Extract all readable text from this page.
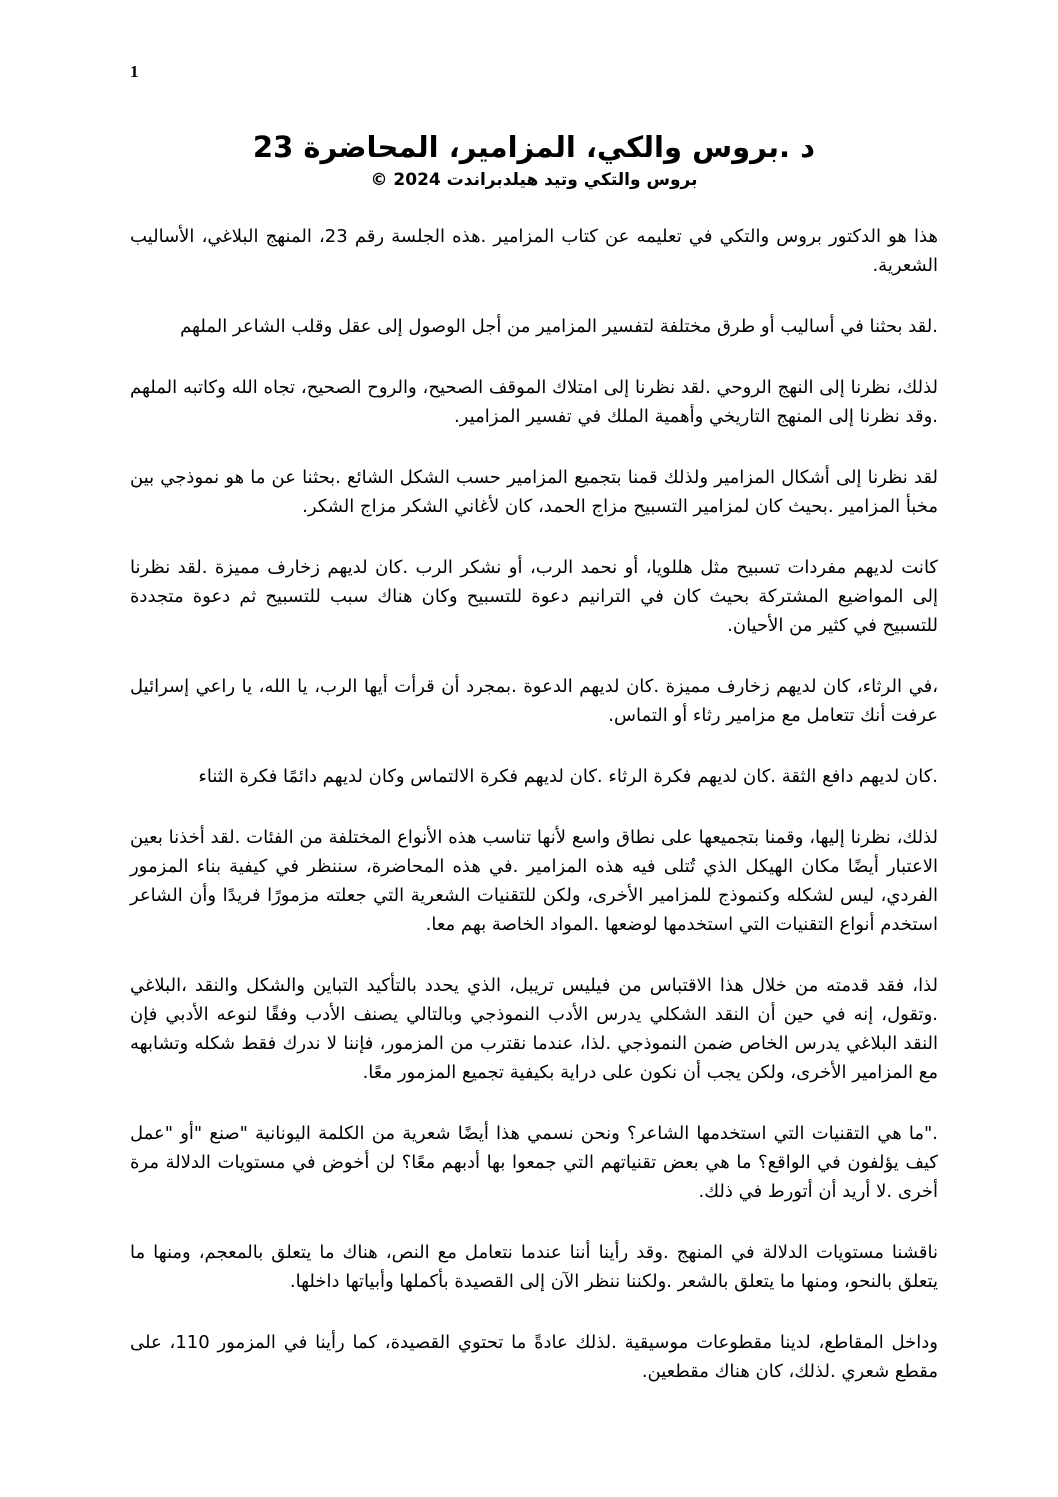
1
د .بروس والكي، المزامير، المحاضرة 23
بروس والتكي وتيد هيلدبراندت 2024 ©

هذا هو الدكتور بروس والتكي في تعليمه عن كتاب المزامير .هذه الجلسة رقم 23، المنهج البلاغي، الأساليب الشعرية.

.لقد بحثنا في أساليب أو طرق مختلفة لتفسير المزامير من أجل الوصول إلى عقل وقلب الشاعر الملهم

لذلك، نظرنا إلى النهج الروحي .لقد نظرنا إلى امتلاك الموقف الصحيح، والروح الصحيح، تجاه الله وكاتبه الملهم .وقد نظرنا إلى المنهج التاريخي وأهمية الملك في تفسير المزامير.

لقد نظرنا إلى أشكال المزامير ولذلك قمنا بتجميع المزامير حسب الشكل الشائع .بحثنا عن ما هو نموذجي بين مخبأ المزامير .بحيث كان لمزامير التسبيح مزاج الحمد، كان لأغاني الشكر مزاج الشكر.

كانت لديهم مفردات تسبيح مثل هللويا، أو نحمد الرب، أو نشكر الرب .كان لديهم زخارف مميزة .لقد نظرنا إلى المواضيع المشتركة بحيث كان في الترانيم دعوة للتسبيح وكان هناك سبب للتسبيح ثم دعوة متجددة للتسبيح في كثير من الأحيان.

،في الرثاء، كان لديهم زخارف مميزة .كان لديهم الدعوة .بمجرد أن قرأت أيها الرب، يا الله، يا راعي إسرائيل عرفت أنك تتعامل مع مزامير رثاء أو التماس.

.كان لديهم دافع الثقة .كان لديهم فكرة الرثاء .كان لديهم فكرة الالتماس وكان لديهم دائمًا فكرة الثناء

لذلك، نظرنا إليها، وقمنا بتجميعها على نطاق واسع لأنها تناسب هذه الأنواع المختلفة من الفئات .لقد أخذنا بعين الاعتبار أيضًا مكان الهيكل الذي تُتلى فيه هذه المزامير .في هذه المحاضرة، سننظر في كيفية بناء المزمور الفردي، ليس لشكله وكنموذج للمزامير الأخرى، ولكن للتقنيات الشعرية التي جعلته مزمورًا فريدًا وأن الشاعر استخدم أنواع التقنيات التي استخدمها لوضعها .المواد الخاصة بهم معا.

لذا، فقد قدمته من خلال هذا الاقتباس من فيليس تريبل، الذي يحدد بالتأكيد التباين والشكل والنقد ،البلاغي .وتقول، إنه في حين أن النقد الشكلي يدرس الأدب النموذجي وبالتالي يصنف الأدب وفقًا لنوعه الأدبي فإن النقد البلاغي يدرس الخاص ضمن النموذجي .لذا، عندما نقترب من المزمور، فإننا لا ندرك فقط شكله وتشابهه مع المزامير الأخرى، ولكن يجب أن نكون على دراية بكيفية تجميع المزمور معًا.

."ما هي التقنيات التي استخدمها الشاعر؟ ونحن نسمي هذا أيضًا شعرية من الكلمة اليونانية "صنع "أو "عمل كيف يؤلفون في الواقع؟ ما هي بعض تقنياتهم التي جمعوا بها أدبهم معًا؟ لن أخوض في مستويات الدلالة مرة أخرى .لا أريد أن أتورط في ذلك.

ناقشنا مستويات الدلالة في المنهج .وقد رأينا أننا عندما نتعامل مع النص، هناك ما يتعلق بالمعجم، ومنها ما يتعلق بالنحو، ومنها ما يتعلق بالشعر .ولكننا ننظر الآن إلى القصيدة بأكملها وأبياتها داخلها.

وداخل المقاطع، لدينا مقطوعات موسيقية .لذلك عادةً ما تحتوي القصيدة، كما رأينا في المزمور 110، على مقطع شعري .لذلك، كان هناك مقطعين.
